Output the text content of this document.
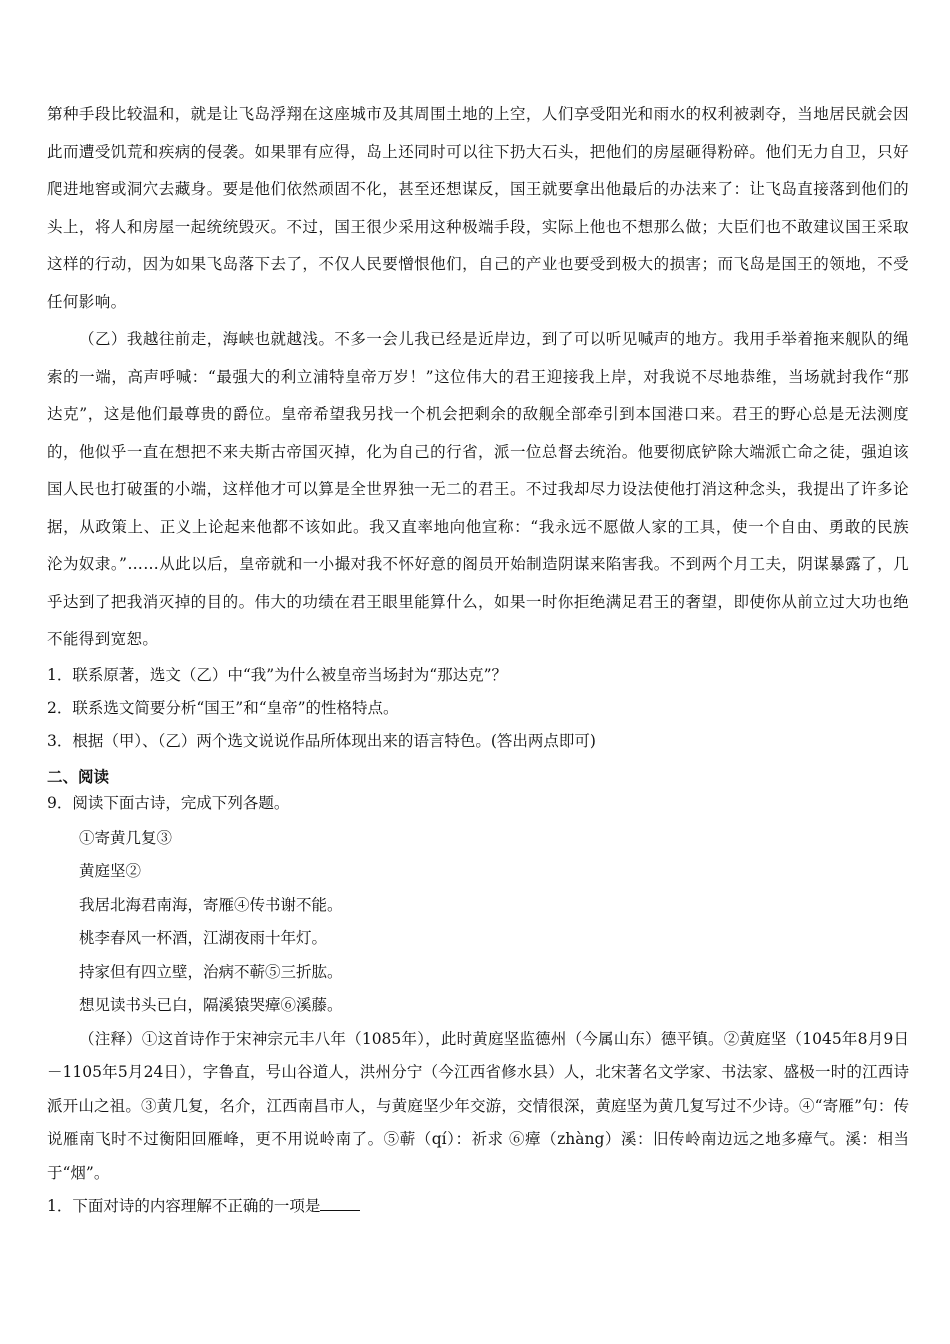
第种手段比较温和，就是让飞岛浮翔在这座城市及其周围土地的上空，人们享受阳光和雨水的权利被剥夺，当地居民就会因此而遭受饥荒和疾病的侵袭。如果罪有应得，岛上还同时可以往下扔大石头，把他们的房屋砸得粉碎。他们无力自卫，只好爬进地窖或洞穴去藏身。要是他们依然顽固不化，甚至还想谋反，国王就要拿出他最后的办法来了：让飞岛直接落到他们的头上，将人和房屋一起统统毁灭。不过，国王很少采用这种极端手段，实际上他也不想那么做；大臣们也不敢建议国王采取这样的行动，因为如果飞岛落下去了，不仅人民要憎恨他们，自己的产业也要受到极大的损害；而飞岛是国王的领地，不受任何影响。

（乙）我越往前走，海峡也就越浅。不多一会儿我已经是近岸边，到了可以听见喊声的地方。我用手举着拖来舰队的绳索的一端，高声呼喊：“最强大的利立浦特皇帝万岁！”这位伟大的君王迎接我上岸，对我说不尽地恭维，当场就封我作“那达克”，这是他们最尊贵的爵位。皇帝希望我另找一个机会把剩余的敌舰全部牵引到本国港口来。君王的野心总是无法测度的，他似乎一直在想把不来夫斯古帝国灭掉，化为自己的行省，派一位总督去统治。他要彻底铲除大端派亡命之徒，强迫该国人民也打破蛋的小端，这样他才可以算是全世界独一无二的君王。不过我却尽力设法使他打消这种念头，我提出了许多论据，从政策上、正义上论起来他都不该如此。我又直率地向他宣称：“我永远不愿做人家的工具，使一个自由、勇敢的民族沦为奴隶。”……从此以后，皇帝就和一小撮对我不怀好意的阁员开始制造阴谋来陷害我。不到两个月工夫，阴谋暴露了，几乎达到了把我消灭掉的目的。伟大的功绩在君王眼里能算什么，如果一时你拒绝满足君王的奢望，即使你从前立过大功也绝不能得到宽恕。

1．联系原著，选文（乙）中“我”为什么被皇帝当场封为“那达克”？

2．联系选文简要分析“国王”和“皇帝”的性格特点。

3．根据（甲）、（乙）两个选文说说作品所体现出来的语言特色。(答出两点即可)

二、阅读

9．阅读下面古诗，完成下列各题。

①寄黄几复③

黄庭坚②

我居北海君南海，寄雁④传书谢不能。

桃李春风一杯酒，江湖夜雨十年灯。

持家但有四立壁，治病不蕲⑤三折肱。

想见读书头已白，隔溪猿哭瘴⑥溪藤。

（注释）①这首诗作于宋神宗元丰八年（1085年），此时黄庭坚监德州（今属山东）德平镇。②黄庭坚（1045年8月9日－1105年5月24日），字鲁直，号山谷道人，洪州分宁（今江西省修水县）人，北宋著名文学家、书法家、盛极一时的江西诗派开山之祖。③黄几复，名介，江西南昌市人，与黄庭坚少年交游，交情很深，黄庭坚为黄几复写过不少诗。④“寄雁”句：传说雁南飞时不过衡阳回雁峰，更不用说岭南了。⑤蕲（qí）：祈求 ⑥瘴（zhàng）溪：旧传岭南边远之地多瘴气。溪：相当于“烟”。

1．下面对诗的内容理解不正确的一项是
